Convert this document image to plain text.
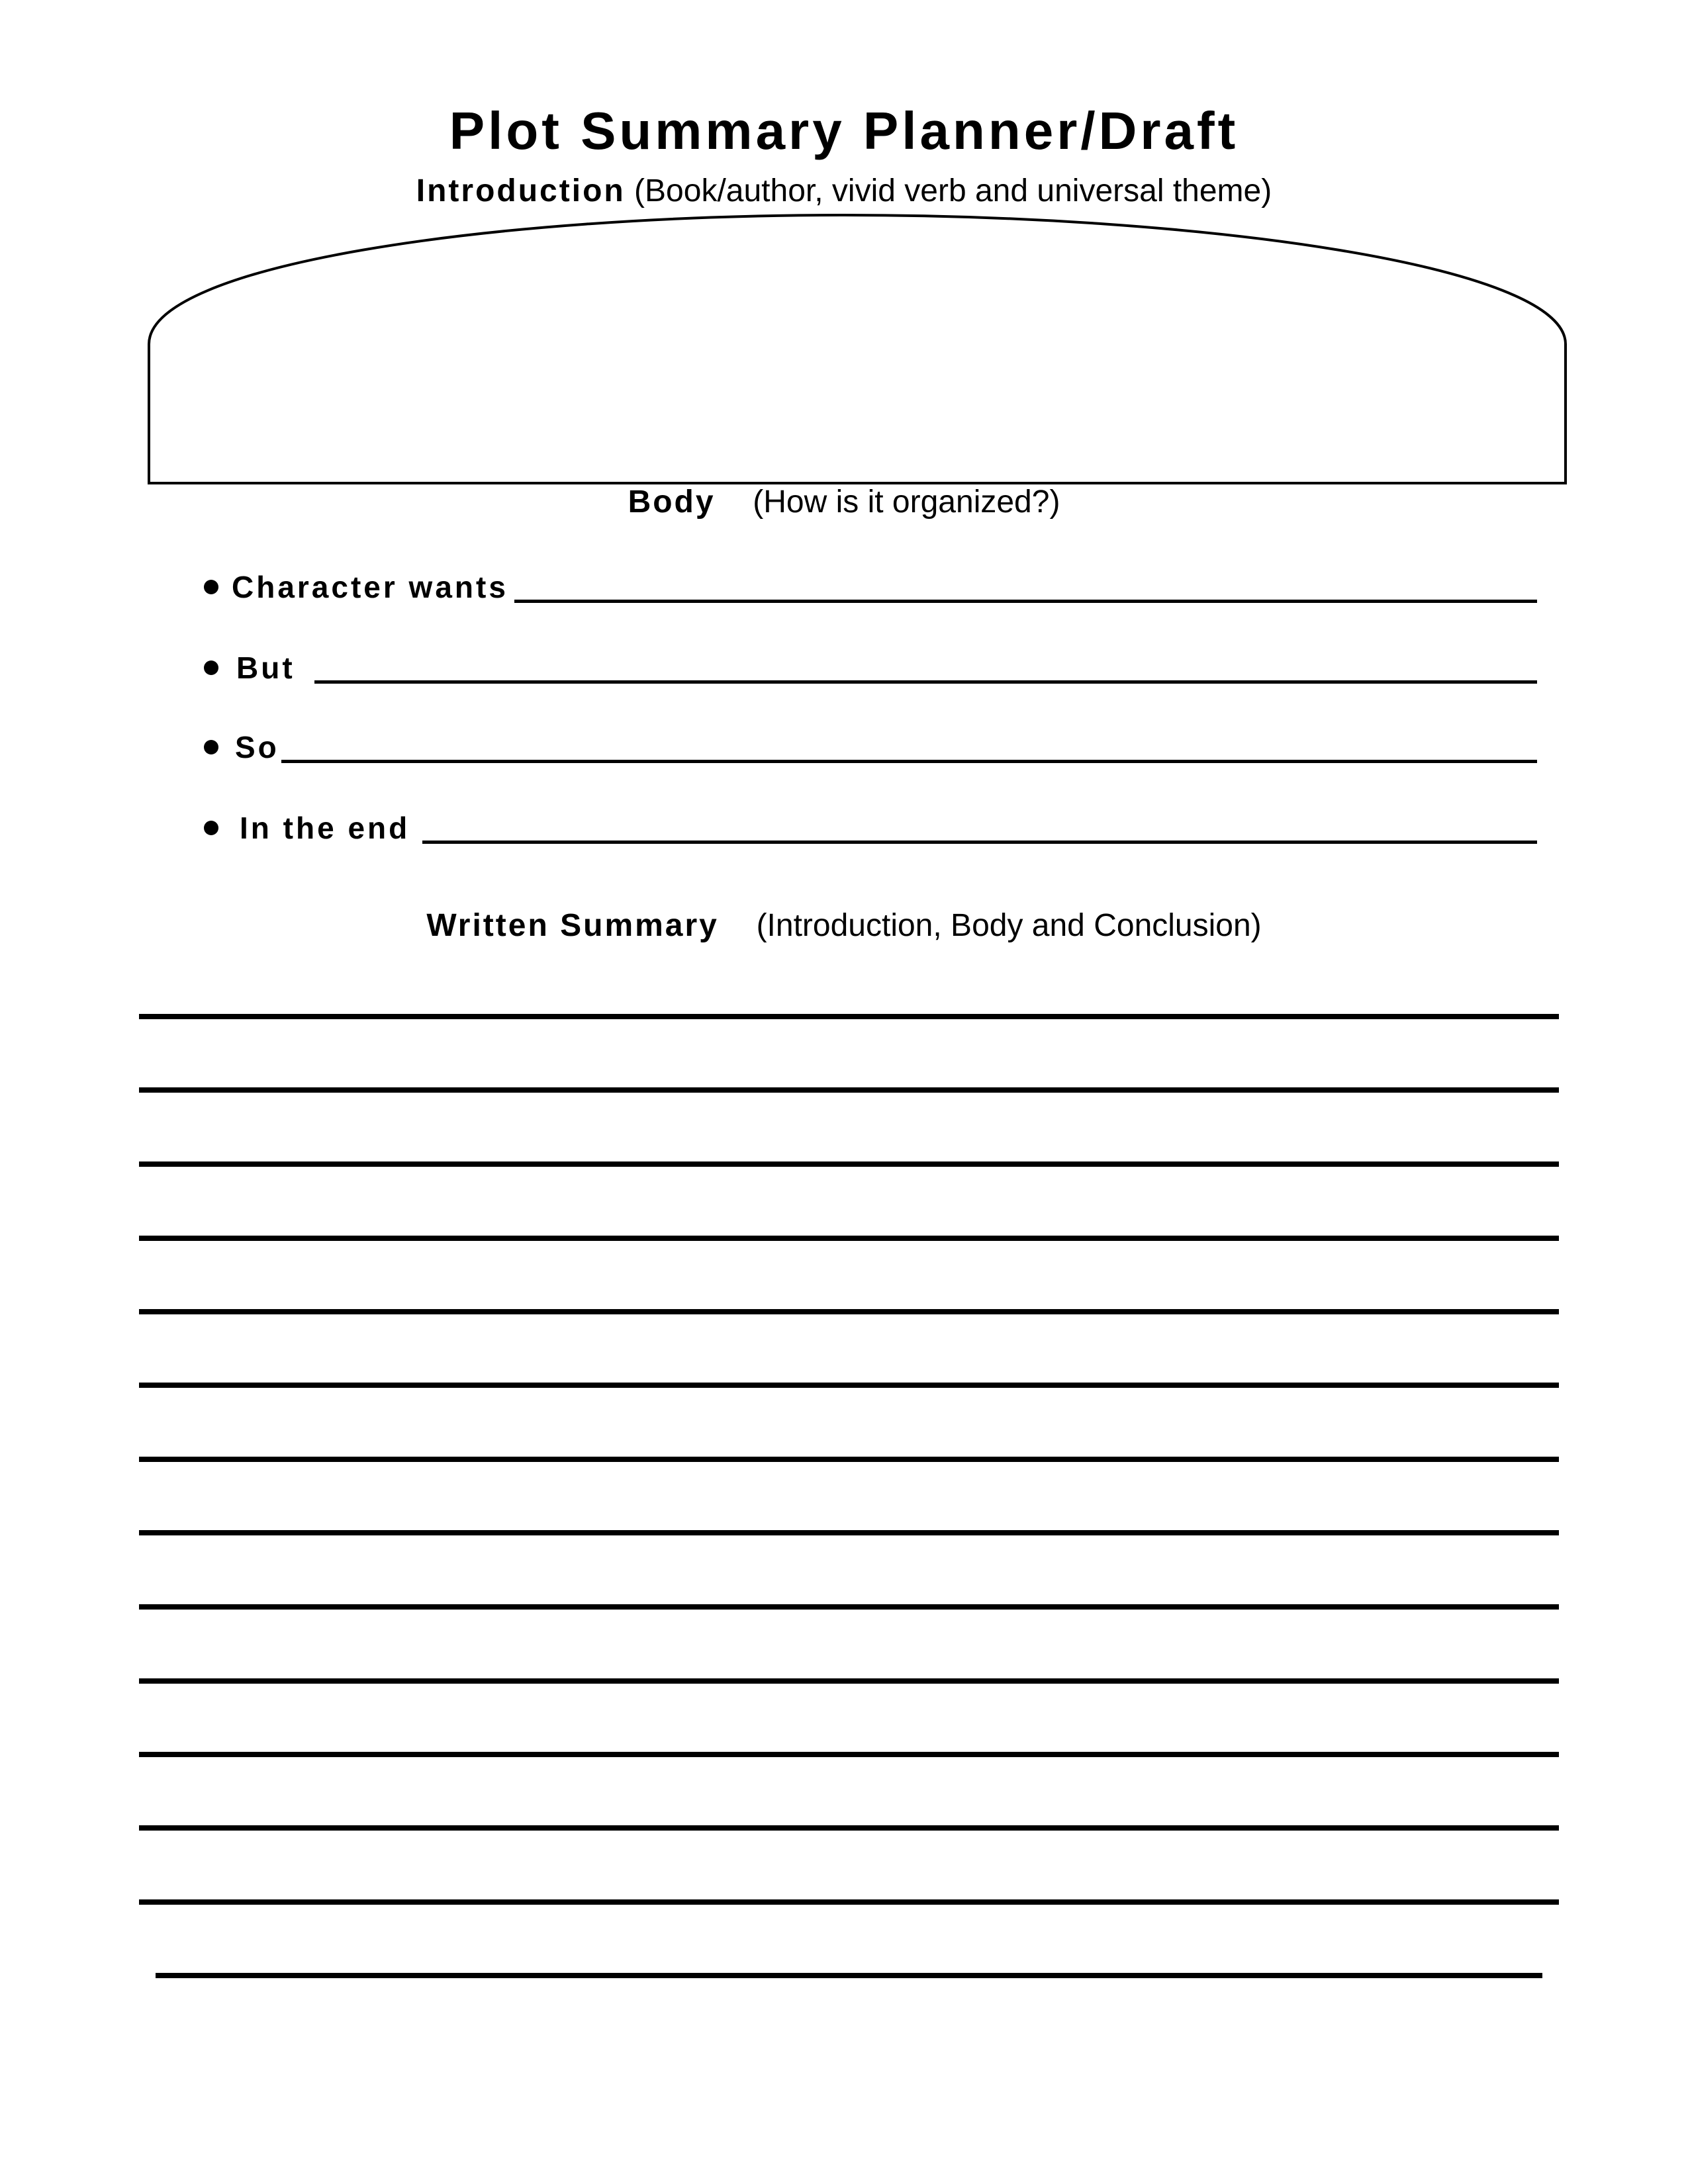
Plot Summary Planner/Draft
Introduction (Book/author, vivid verb and universal theme)
Body (How is it organized?)
Character wants
But
So
In the end
Written Summary (Introduction, Body and Conclusion)
